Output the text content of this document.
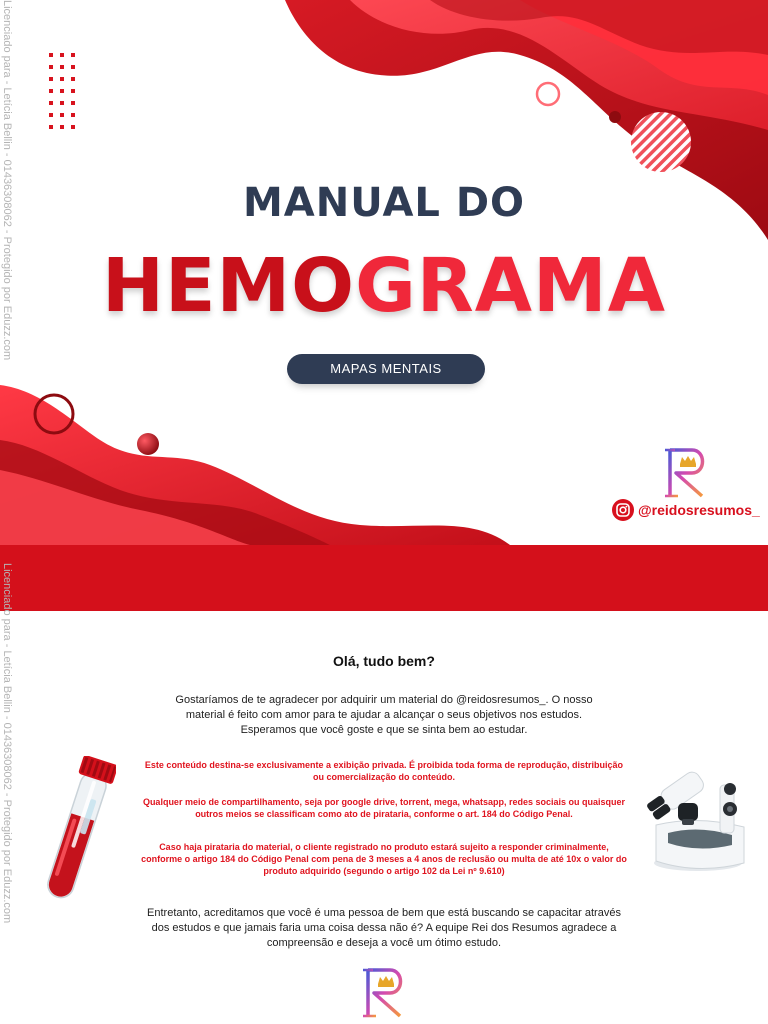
MANUAL DO
HEMOGRAMA
MAPAS MENTAIS
@reidosresumos_
Licenciado para - Letícia Bellin - 01436308062 - Protegido por Eduzz.com
Olá, tudo bem?
Gostaríamos de te agradecer por adquirir um material do @reidosresumos_. O nosso material é feito com amor para te ajudar a alcançar o seus objetivos nos estudos. Esperamos que você goste e que se sinta bem ao estudar.
Este conteúdo destina-se exclusivamente a exibição privada. É proibida toda forma de reprodução, distribuição ou comercialização do conteúdo.
Qualquer meio de compartilhamento, seja por google drive, torrent, mega, whatsapp, redes sociais ou quaisquer outros meios se classificam como ato de pirataria, conforme o art. 184 do Código Penal.
Caso haja pirataria do material, o cliente registrado no produto estará sujeito a responder criminalmente, conforme o artigo 184 do Código Penal com pena de 3 meses a 4 anos de reclusão ou multa de até 10x o valor do produto adquirido (segundo o artigo 102 da Lei nº 9.610)
Entretanto, acreditamos que você é uma pessoa de bem que está buscando se capacitar através dos estudos e que jamais faria uma coisa dessa não é? A equipe Rei dos Resumos agradece a compreensão e deseja a você um ótimo estudo.
Licenciado para - Letícia Bellin - 01436308062 - Protegido por Eduzz.com
